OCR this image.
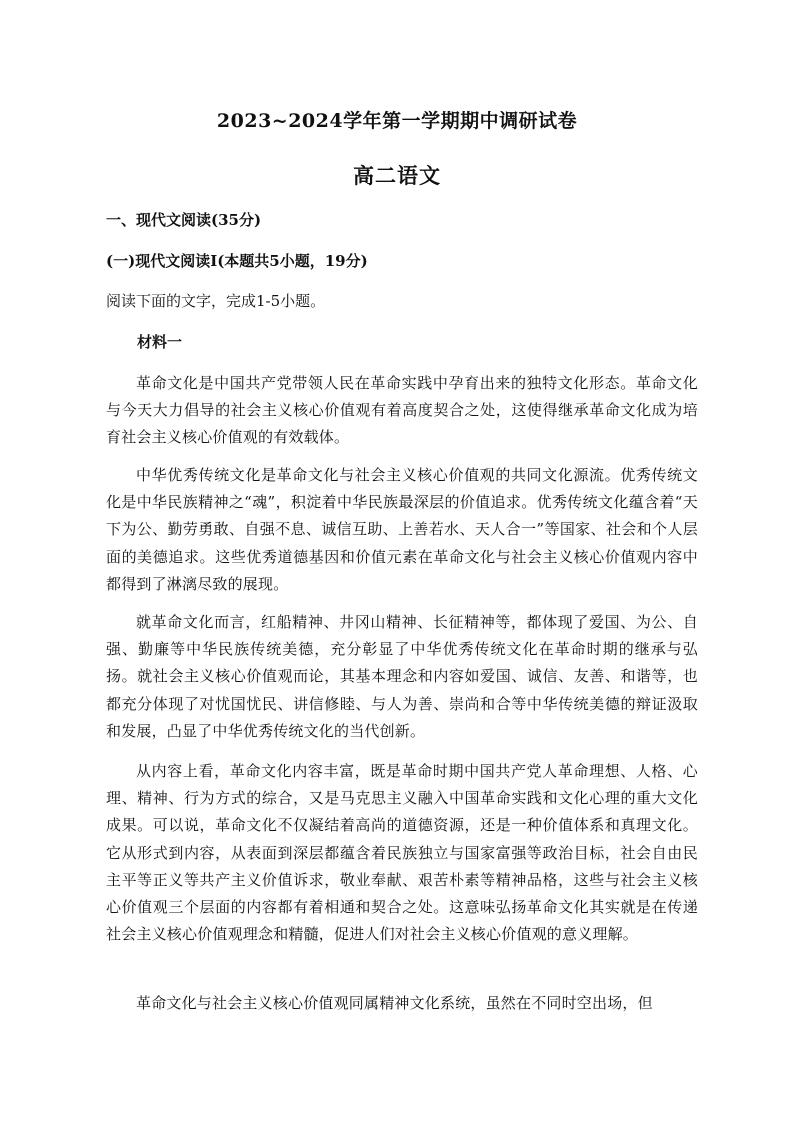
2023~2024学年第一学期期中调研试卷
高二语文

一、现代文阅读(35分)

(一)现代文阅读Ⅰ(本题共5小题，19分)

阅读下面的文字，完成1-5小题。

材料一

革命文化是中国共产党带领人民在革命实践中孕育出来的独特文化形态。革命文化与今天大力倡导的社会主义核心价值观有着高度契合之处，这使得继承革命文化成为培育社会主义核心价值观的有效载体。

中华优秀传统文化是革命文化与社会主义核心价值观的共同文化源流。优秀传统文化是中华民族精神之“魂”，积淀着中华民族最深层的价值追求。优秀传统文化蕴含着“天下为公、勤劳勇敢、自强不息、诚信互助、上善若水、天人合一”等国家、社会和个人层面的美德追求。这些优秀道德基因和价值元素在革命文化与社会主义核心价值观内容中都得到了淋漓尽致的展现。

就革命文化而言，红船精神、井冈山精神、长征精神等，都体现了爱国、为公、自强、勤廉等中华民族传统美德，充分彰显了中华优秀传统文化在革命时期的继承与弘扬。就社会主义核心价值观而论，其基本理念和内容如爱国、诚信、友善、和谐等，也都充分体现了对忧国忧民、讲信修睦、与人为善、崇尚和合等中华传统美德的辩证汲取和发展，凸显了中华优秀传统文化的当代创新。

从内容上看，革命文化内容丰富，既是革命时期中国共产党人革命理想、人格、心理、精神、行为方式的综合，又是马克思主义融入中国革命实践和文化心理的重大文化成果。可以说，革命文化不仅凝结着高尚的道德资源，还是一种价值体系和真理文化。它从形式到内容，从表面到深层都蕴含着民族独立与国家富强等政治目标，社会自由民主平等正义等共产主义价值诉求，敬业奉献、艰苦朴素等精神品格，这些与社会主义核心价值观三个层面的内容都有着相通和契合之处。这意味弘扬革命文化其实就是在传递社会主义核心价值观理念和精髓，促进人们对社会主义核心价值观的意义理解。

革命文化与社会主义核心价值观同属精神文化系统，虽然在不同时空出场，但
